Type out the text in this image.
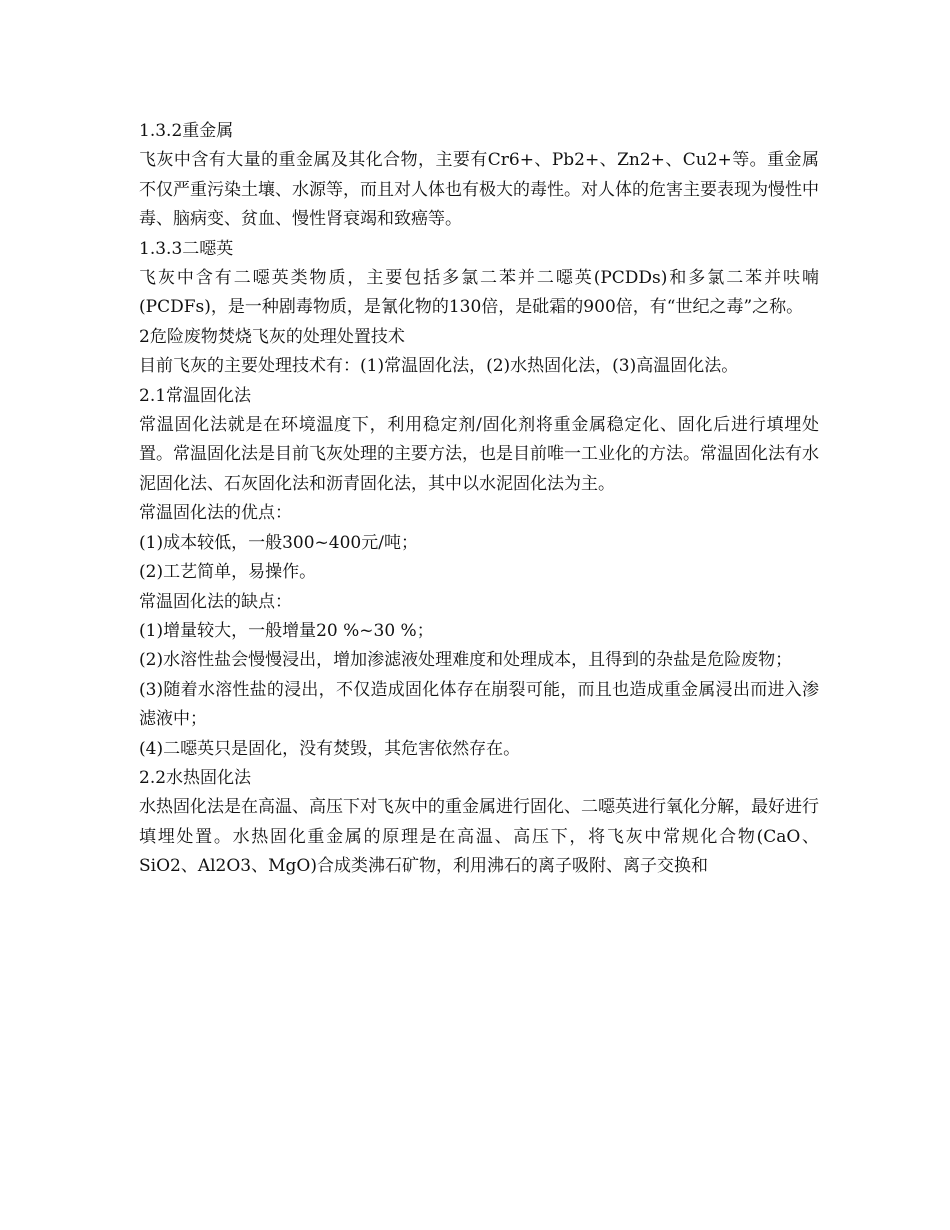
1.3.2重金属
飞灰中含有大量的重金属及其化合物，主要有Cr6+、Pb2+、Zn2+、Cu2+等。重金属不仅严重污染土壤、水源等，而且对人体也有极大的毒性。对人体的危害主要表现为慢性中毒、脑病变、贫血、慢性肾衰竭和致癌等。
1.3.3二噁英
飞灰中含有二噁英类物质，主要包括多氯二苯并二噁英(PCDDs)和多氯二苯并呋喃(PCDFs)，是一种剧毒物质，是氰化物的130倍，是砒霜的900倍，有“世纪之毒”之称。
2危险废物焚烧飞灰的处理处置技术
目前飞灰的主要处理技术有：(1)常温固化法，(2)水热固化法，(3)高温固化法。
2.1常温固化法
常温固化法就是在环境温度下，利用稳定剂/固化剂将重金属稳定化、固化后进行填埋处置。常温固化法是目前飞灰处理的主要方法，也是目前唯一工业化的方法。常温固化法有水泥固化法、石灰固化法和沥青固化法，其中以水泥固化法为主。
常温固化法的优点：
(1)成本较低，一般300~400元/吨；
(2)工艺简单，易操作。
常温固化法的缺点：
(1)增量较大，一般增量20 %~30 %；
(2)水溶性盐会慢慢浸出，增加渗滤液处理难度和处理成本，且得到的杂盐是危险废物；
(3)随着水溶性盐的浸出，不仅造成固化体存在崩裂可能，而且也造成重金属浸出而进入渗滤液中；
(4)二噁英只是固化，没有焚毁，其危害依然存在。
2.2水热固化法
水热固化法是在高温、高压下对飞灰中的重金属进行固化、二噁英进行氧化分解，最好进行填埋处置。水热固化重金属的原理是在高温、高压下，将飞灰中常规化合物(CaO、SiO2、Al2O3、MgO)合成类沸石矿物，利用沸石的离子吸附、离子交换和
